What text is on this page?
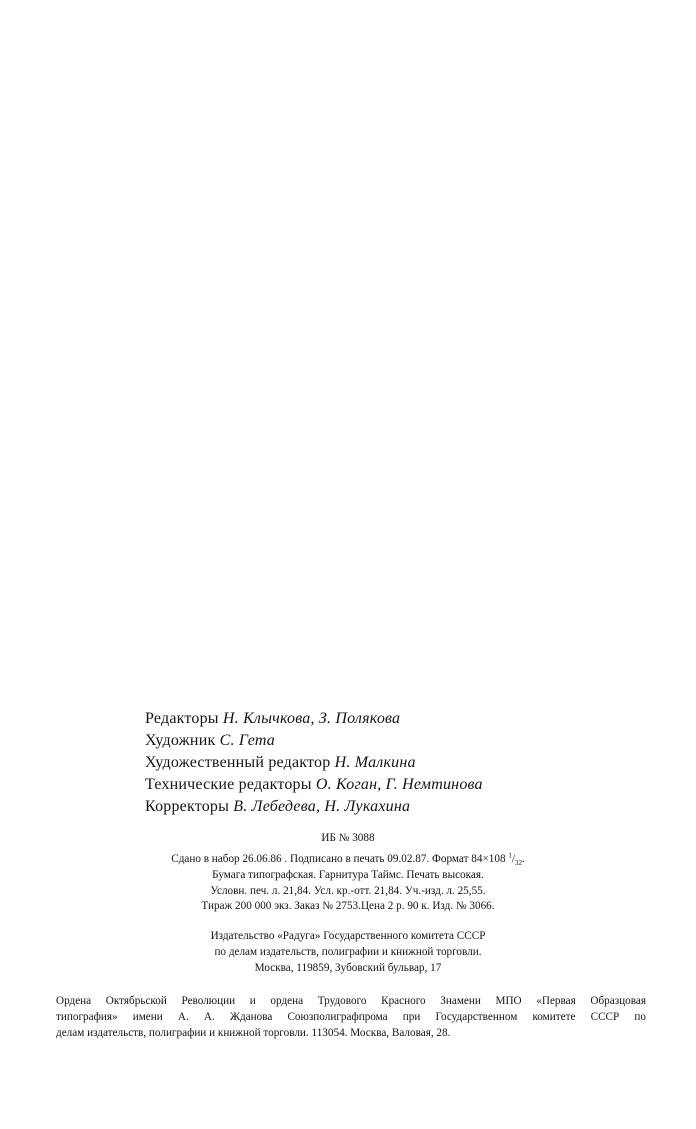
Редакторы Н. Клычкова, З. Полякова
Художник С. Гета
Художественный редактор Н. Малкина
Технические редакторы О. Коган, Г. Немтинова
Корректоры В. Лебедева, Н. Лукахина
ИБ № 3088
Сдано в набор 26.06.86 . Подписано в печать 09.02.87. Формат 84×108 $^1/_{32}$.
Бумага типографская. Гарнитура Таймс. Печать высокая.
Условн. печ. л. 21,84. Усл. кр.-отт. 21,84. Уч.-изд. л. 25,55.
Тираж 200 000 экз. Заказ № 2753.Цена 2 р. 90 к. Изд. № 3066.
Издательство «Радуга» Государственного комитета СССР
по делам издательств, полиграфии и книжной торговли.
Москва, 119859, Зубовский бульвар, 17
Ордена Октябрьской Революции и ордена Трудового Красного Знамени МПО «Первая Образцовая
типография» имени А. А. Жданова Союзполиграфпрома при Государственном комитете СССР по
делам издательств, полиграфии и книжной торговли. 113054. Москва, Валовая, 28.
